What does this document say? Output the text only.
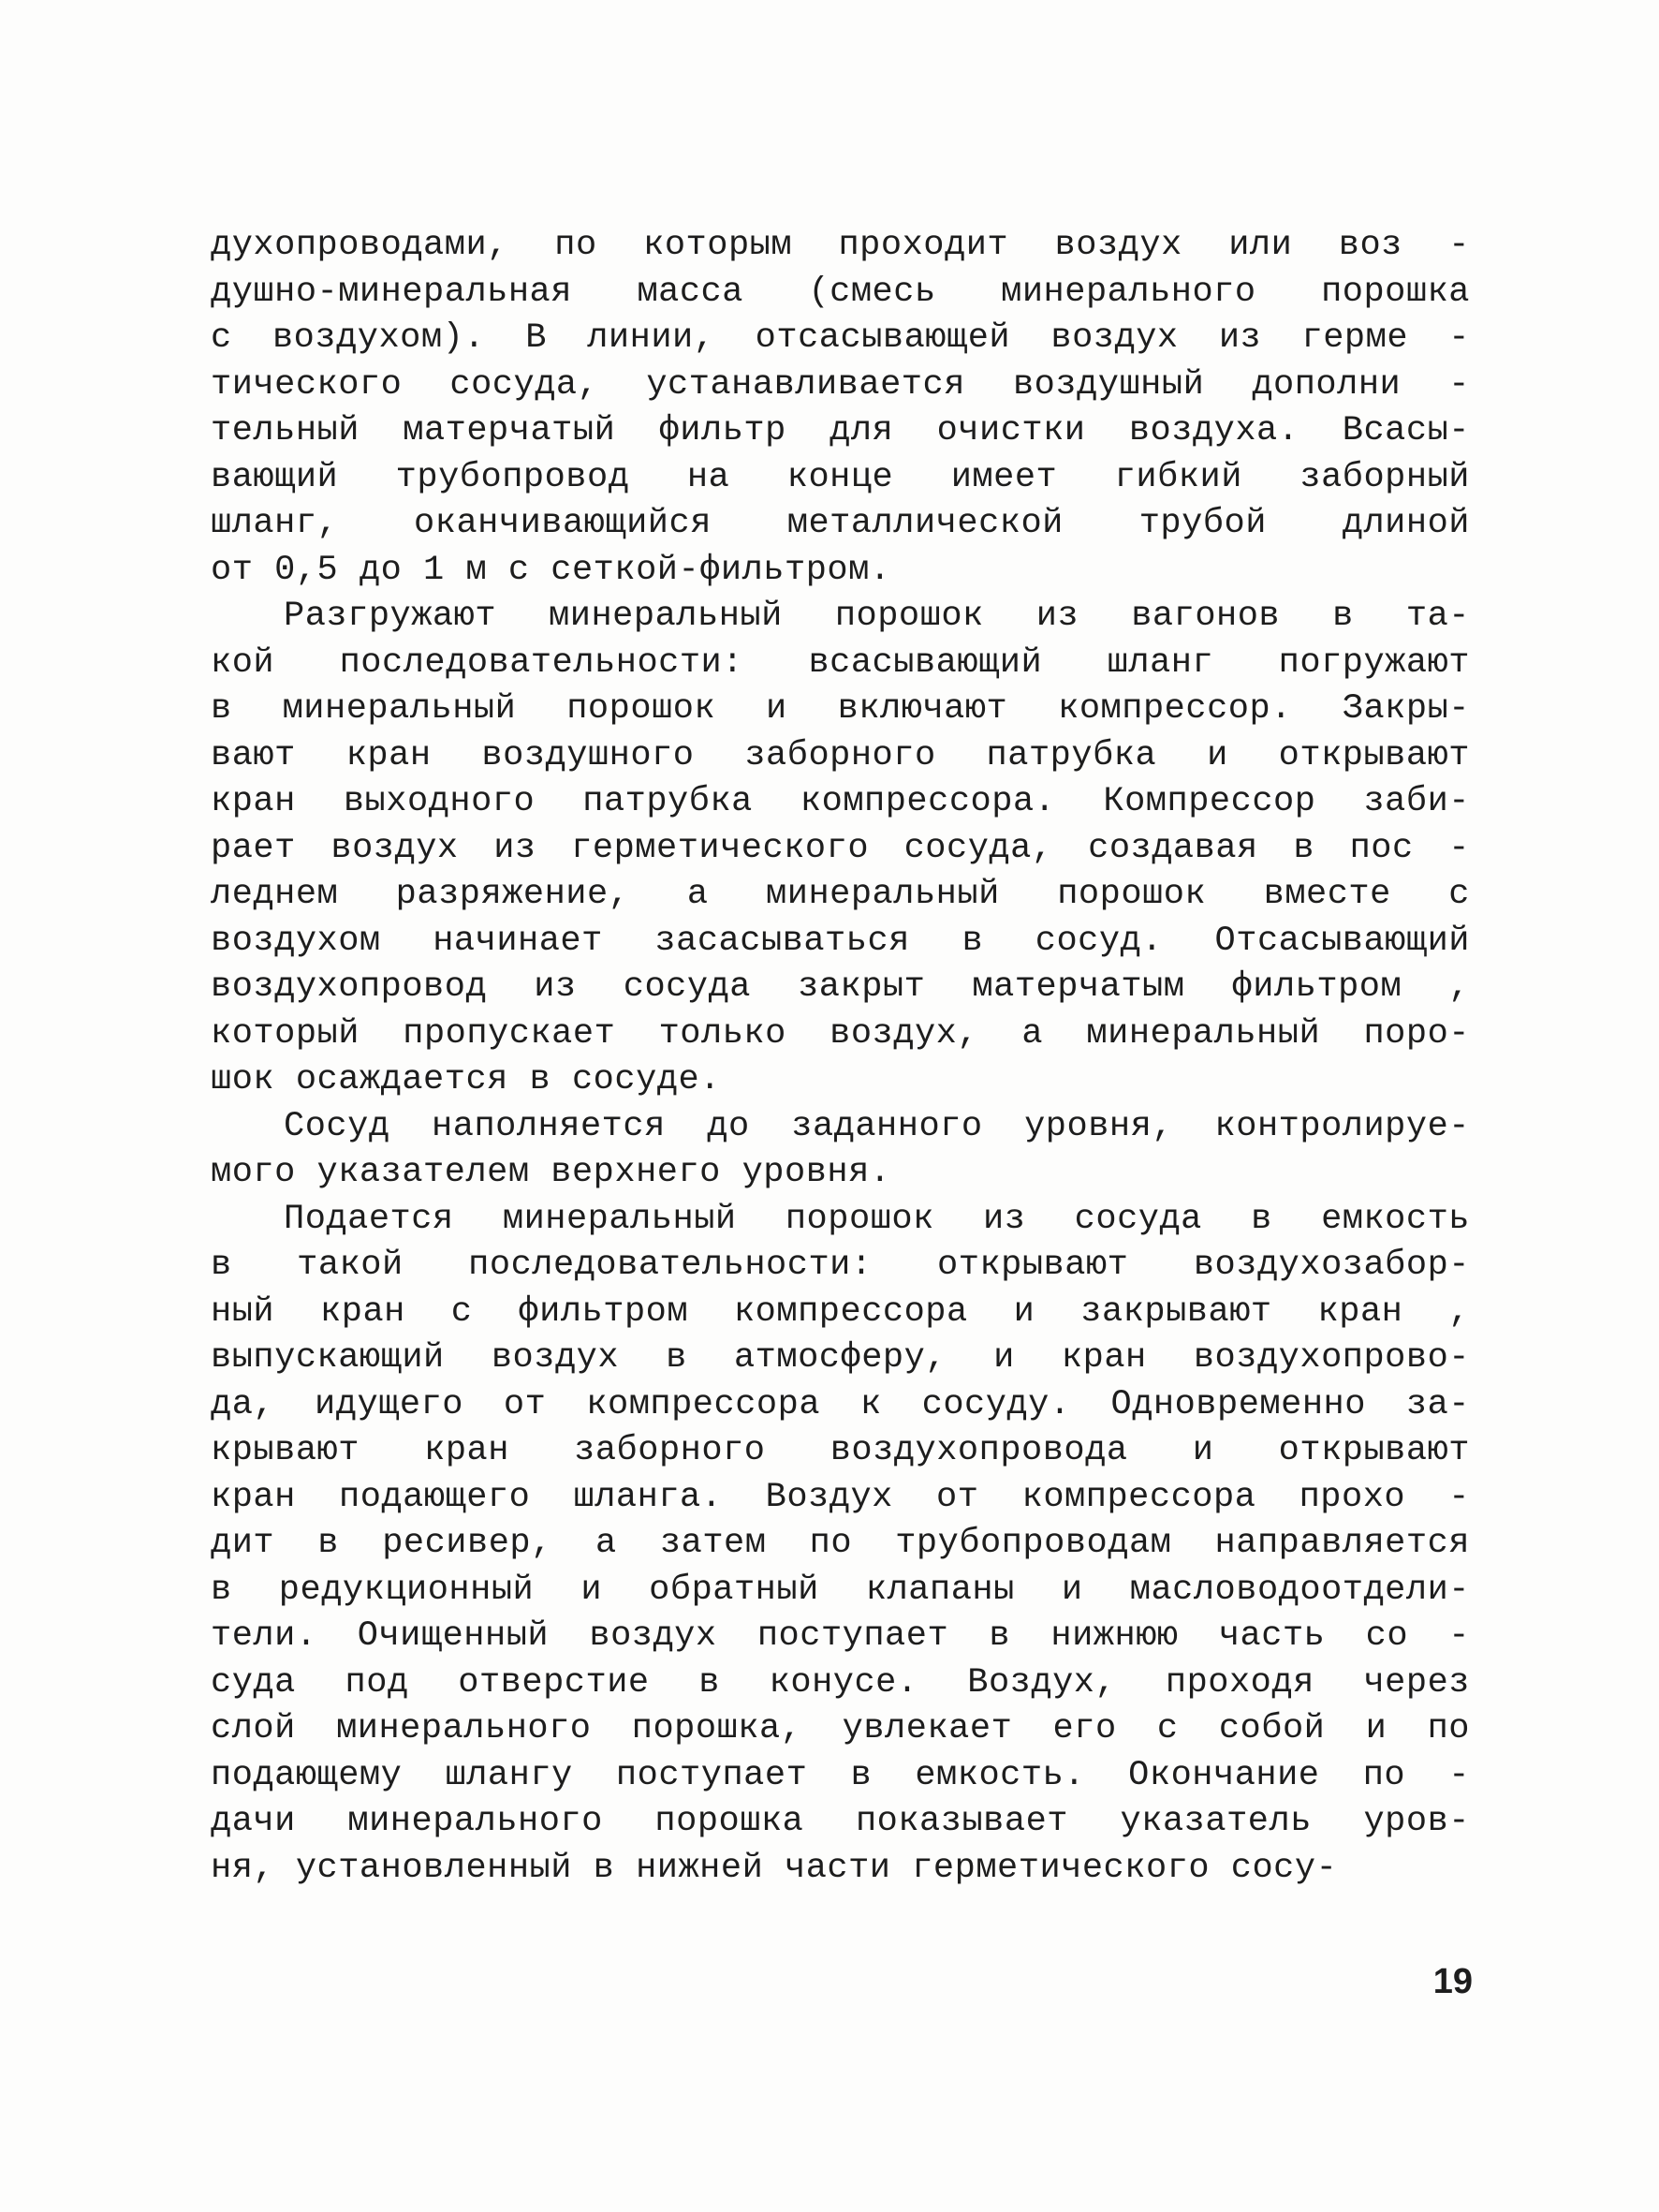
духопроводами, по которым проходит воздух или воз -
душно-минеральная масса (смесь минерального порошка
с воздухом). В линии, отсасывающей воздух из герме -
тического сосуда, устанавливается воздушный дополни -
тельный матерчатый фильтр для очистки воздуха. Всасы-
вающий трубопровод на конце имеет гибкий заборный
шланг, оканчивающийся металлической трубой длиной
от 0,5 до 1 м с сеткой-фильтром.
Разгружают минеральный порошок из вагонов в та-
кой последовательности: всасывающий шланг погружают
в минеральный порошок и включают компрессор. Закры-
вают кран воздушного заборного патрубка и открывают
кран выходного патрубка компрессора. Компрессор заби-
рает воздух из герметического сосуда, создавая в пос -
леднем разряжение, а минеральный порошок вместе с
воздухом начинает засасываться в сосуд. Отсасывающий
воздухопровод из сосуда закрыт матерчатым фильтром ,
который пропускает только воздух, а минеральный поро-
шок осаждается в сосуде.
Сосуд наполняется до заданного уровня, контролируе-
мого указателем верхнего уровня.
Подается минеральный порошок из сосуда в емкость
в такой последовательности: открывают воздухозабор-
ный кран с фильтром компрессора и закрывают кран ,
выпускающий воздух в атмосферу, и кран воздухопрово-
да, идущего от компрессора к сосуду. Одновременно за-
крывают кран заборного воздухопровода и открывают
кран подающего шланга. Воздух от компрессора прохо -
дит в ресивер, а затем по трубопроводам направляется
в редукционный и обратный клапаны и масловодоотдели-
тели. Очищенный воздух поступает в нижнюю часть со -
суда под отверстие в конусе. Воздух, проходя через
слой минерального порошка, увлекает его с собой и по
подающему шлангу поступает в емкость. Окончание по -
дачи минерального порошка показывает указатель уров-
ня, установленный в нижней части герметического сосу-
19
